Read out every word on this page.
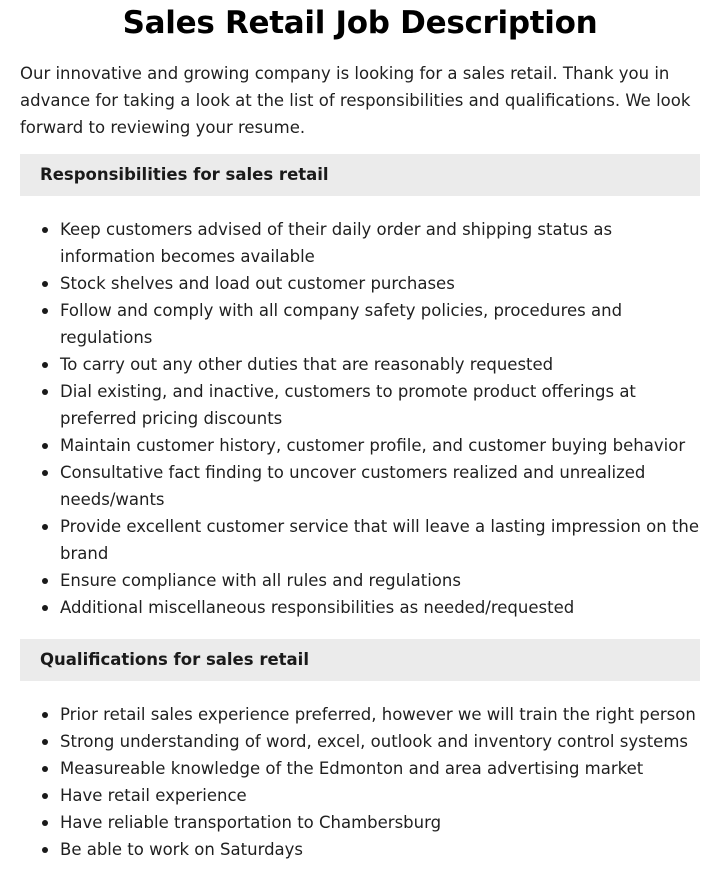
Sales Retail Job Description

Our innovative and growing company is looking for a sales retail. Thank you in advance for taking a look at the list of responsibilities and qualifications. We look forward to reviewing your resume.

Responsibilities for sales retail
Keep customers advised of their daily order and shipping status as information becomes available
Stock shelves and load out customer purchases
Follow and comply with all company safety policies, procedures and regulations
To carry out any other duties that are reasonably requested
Dial existing, and inactive, customers to promote product offerings at preferred pricing discounts
Maintain customer history, customer profile, and customer buying behavior
Consultative fact finding to uncover customers realized and unrealized needs/wants
Provide excellent customer service that will leave a lasting impression on the brand
Ensure compliance with all rules and regulations
Additional miscellaneous responsibilities as needed/requested
Qualifications for sales retail
Prior retail sales experience preferred, however we will train the right person
Strong understanding of word, excel, outlook and inventory control systems
Measureable knowledge of the Edmonton and area advertising market
Have retail experience
Have reliable transportation to Chambersburg
Be able to work on Saturdays
